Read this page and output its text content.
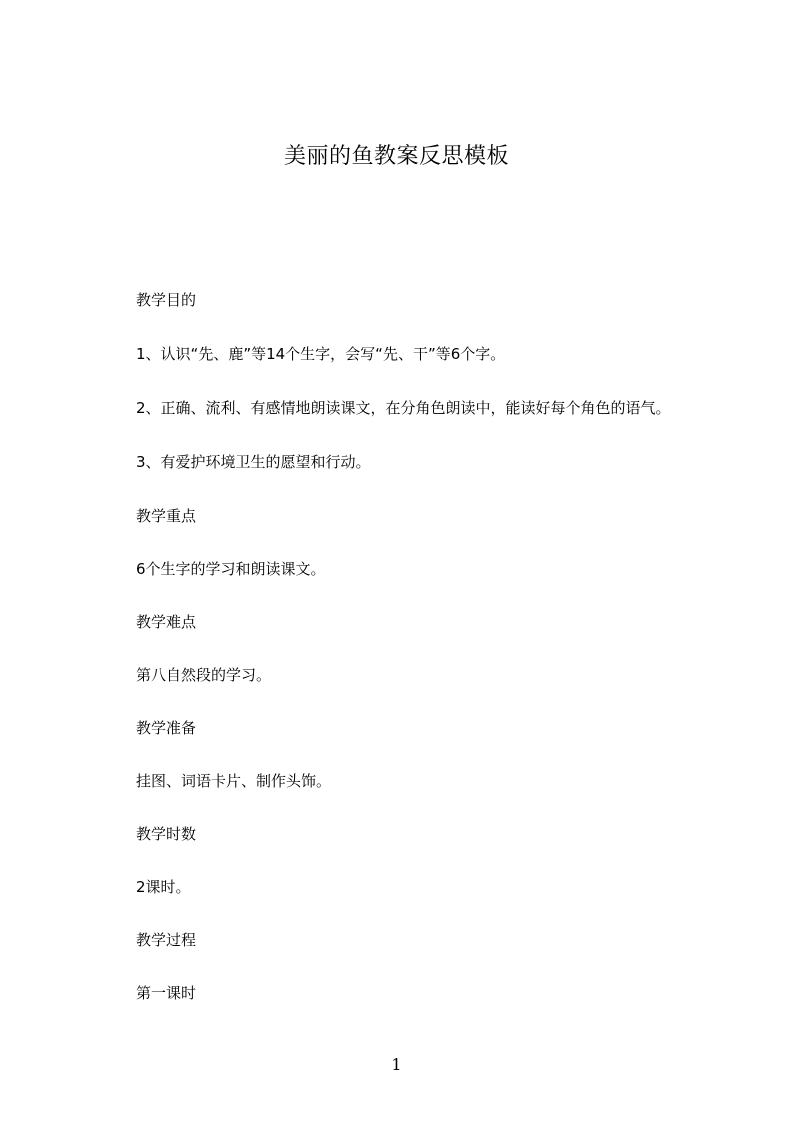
美丽的鱼教案反思模板
教学目的
1、认识“先、鹿”等14个生字，会写“先、干”等6个字。
2、正确、流利、有感情地朗读课文，在分角色朗读中，能读好每个角色的语气。
3、有爱护环境卫生的愿望和行动。
教学重点
6个生字的学习和朗读课文。
教学难点
第八自然段的学习。
教学准备
挂图、词语卡片、制作头饰。
教学时数
2课时。
教学过程
第一课时
1
